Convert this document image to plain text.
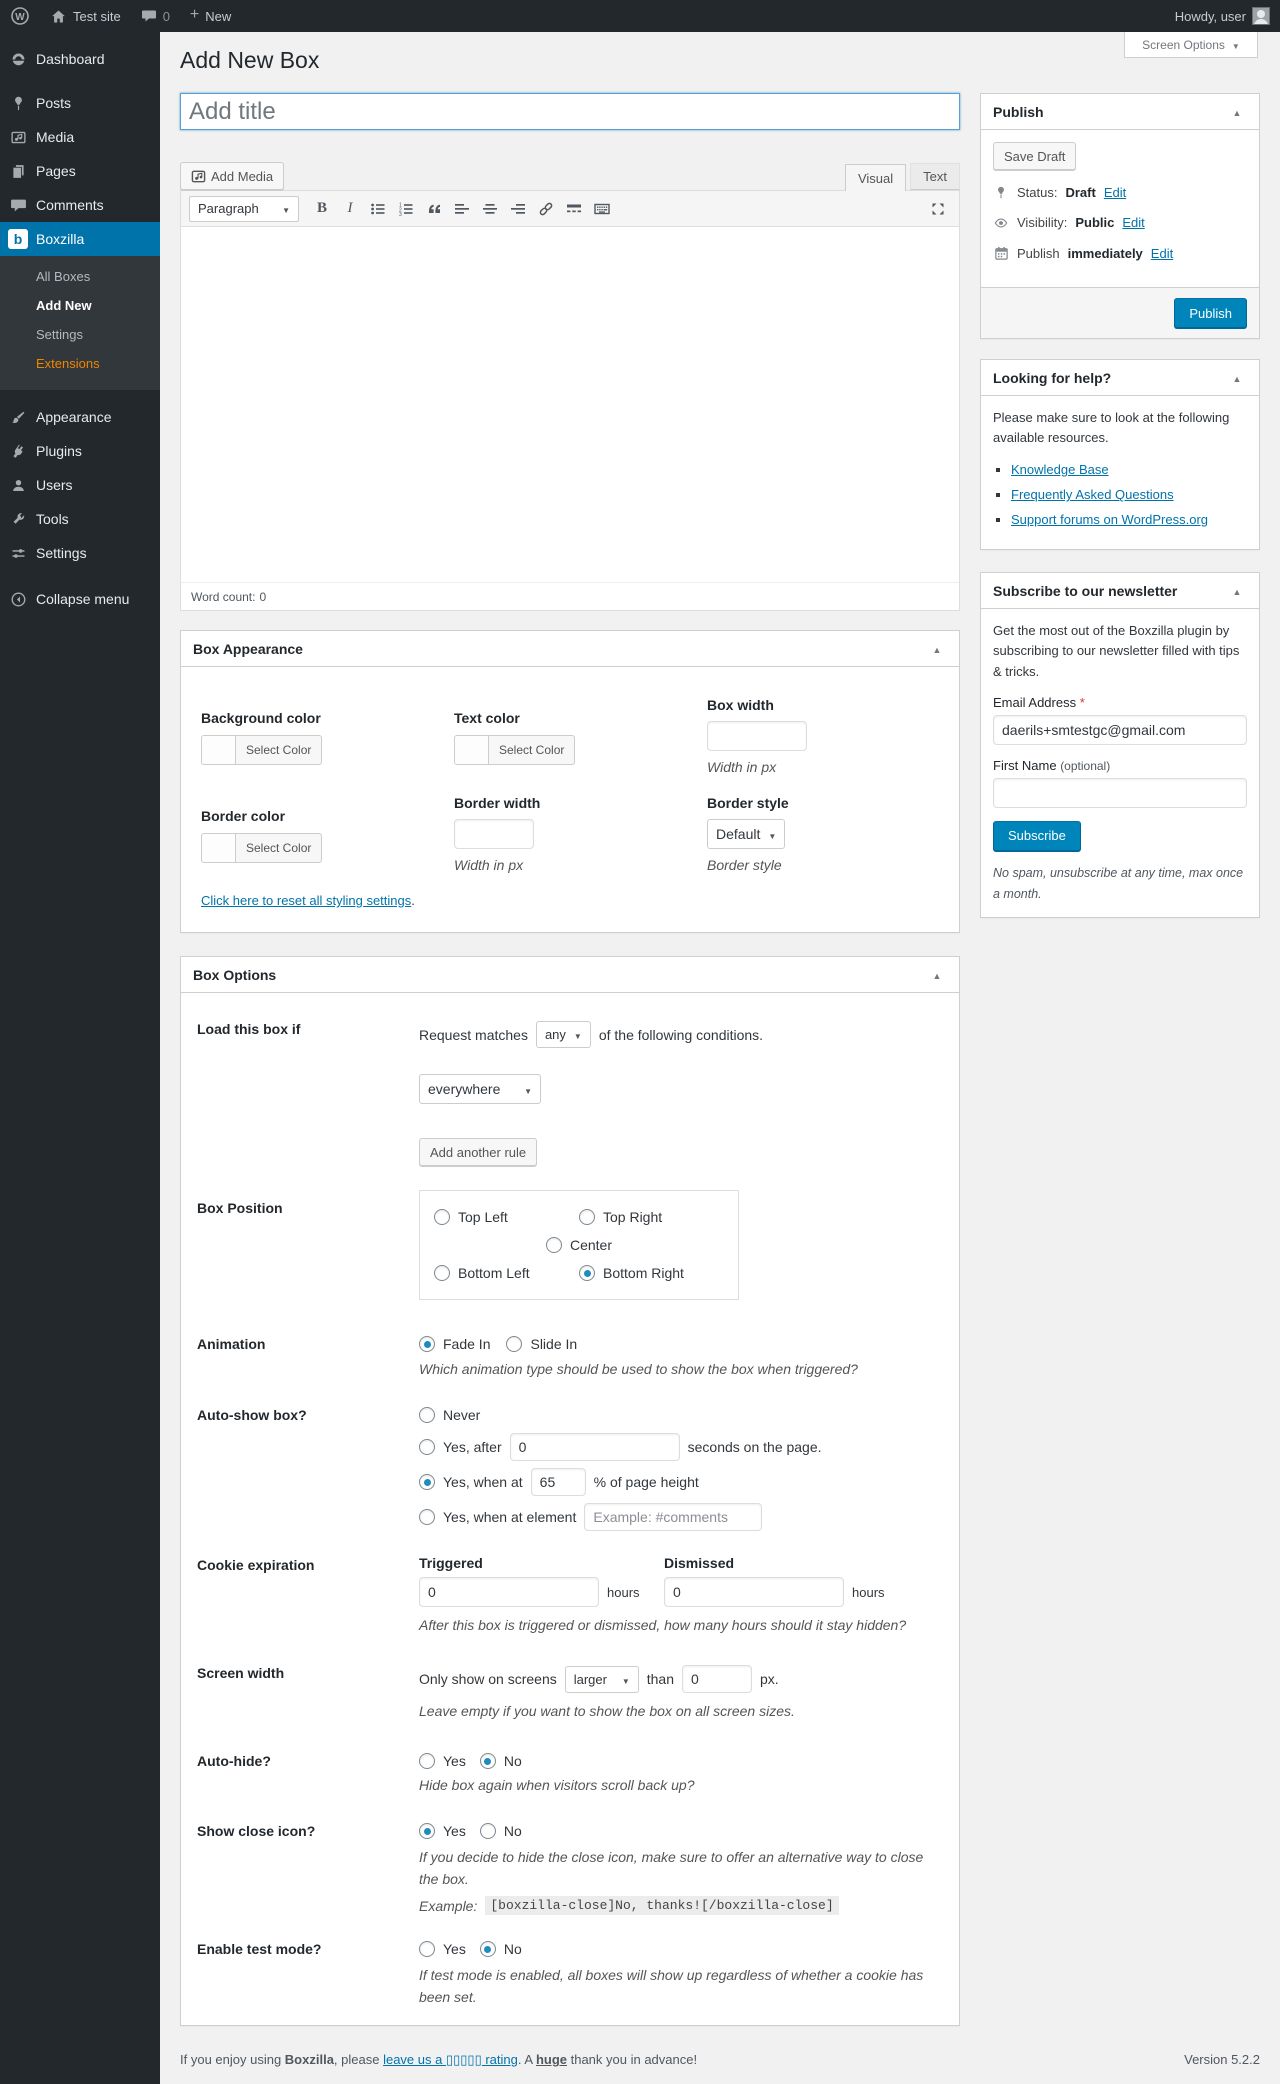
W	Test site	0 + New	Howdy, user
Dashboard
Posts
Media
Pages
Comments
b Boxzilla
All Boxes
Add New
Settings
Extensions
Appearance
Plugins
Users
Tools
Settings
Collapse menu
Screen Options
▼
Add New Box
Add title
Add Media	Visual	Text
Paragraph ▼	B I	1
2
3
Word count: 0
Box Appearance
▲
Background color
Select Color
Text color
Select Color
Box width
Width in px
Border color
Select Color
Border width
Width in px
Border style
Default
▼
Border style
Click here to reset all styling settings.
Box Options
▲
Load this box if	Request matches any ▼ of the following conditions.
everywhere
▼
Add another rule
Box Position
Top Left	Top Right
Center
Bottom Left	Bottom Right
Animation	Fade In	Slide In
Which animation type should be used to show the box when triggered?
Auto-show box?	Never
Yes, after
0	seconds on the page.
Yes, when at
65	% of page height
Yes, when at element
Example: #comments
Cookie expiration	Triggered
0
hours
Dismissed
0
hours
After this box is triggered or dismissed, how many hours should it stay hidden?
Screen width	Only show on screens larger ▼	than
0	px.
Leave empty if you want to show the box on all screen sizes.
Auto-hide?	Yes	No
Hide box again when visitors scroll back up?
Show close icon?	Yes	No
If you decide to hide the close icon, make sure to offer an alternative way to close the box.
Example:	[boxzilla-close]No, thanks![/boxzilla-close]
Enable test mode?	Yes	No
If test mode is enabled, all boxes will show up regardless of whether a cookie has been set.
Publish
▲
Save Draft
Status: Draft Edit
Visibility: Public Edit
Publish immediately Edit
Publish
Looking for help?
▲
Please make sure to look at the following available resources.
▪ Knowledge Base
▪ Frequently Asked Questions
▪ Support forums on WordPress.org
Subscribe to our newsletter
▲
Get the most out of the Boxzilla plugin by subscribing to our newsletter filled with tips & tricks.
Email Address *
daerils+smtestgc@gmail.com
First Name (optional)
Subscribe
No spam, unsubscribe at any time, max once a month.
If you enjoy using Boxzilla, please leave us a ▯▯▯▯▯ rating. A huge thank you in advance!	Version 5.2.2
